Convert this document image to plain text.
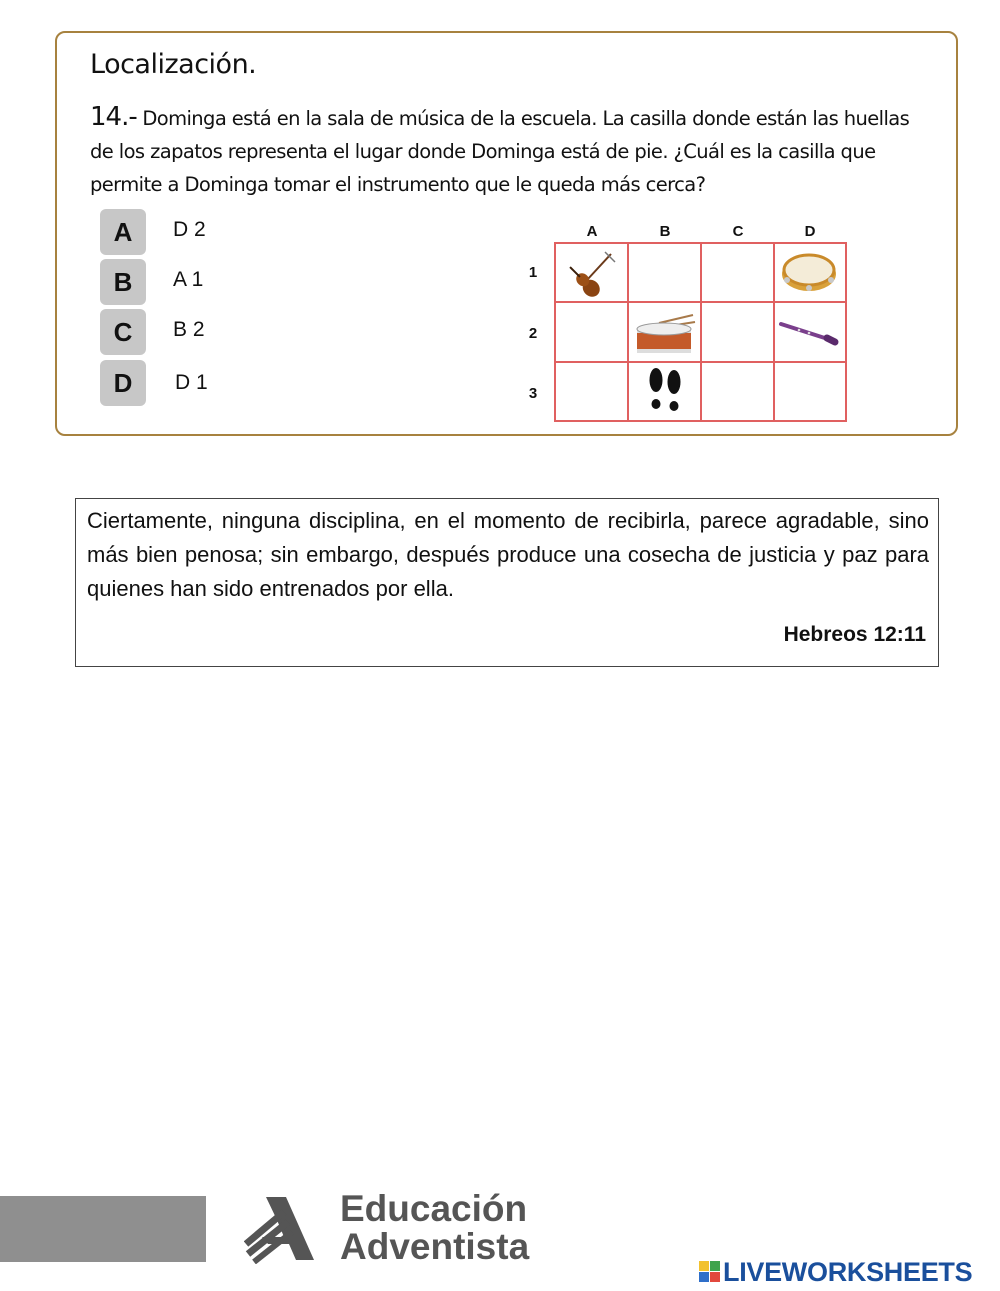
Localización.
14.- Dominga está en la sala de música de la escuela. La casilla donde están las huellas de los zapatos representa el lugar donde Dominga está de pie. ¿Cuál es la casilla que permite a Dominga tomar el instrumento que le queda más cerca?
A	D 2
B	A 1
C	B 2
D	D 1
A	B	C	D
1
2
3
Ciertamente, ninguna disciplina, en el momento de recibirla, parece agradable, sino más bien penosa; sin embargo, después produce una cosecha de justicia y paz para quienes han sido entrenados por ella.
Hebreos 12:11
Educación
Adventista
LIVEWORKSHEETS
